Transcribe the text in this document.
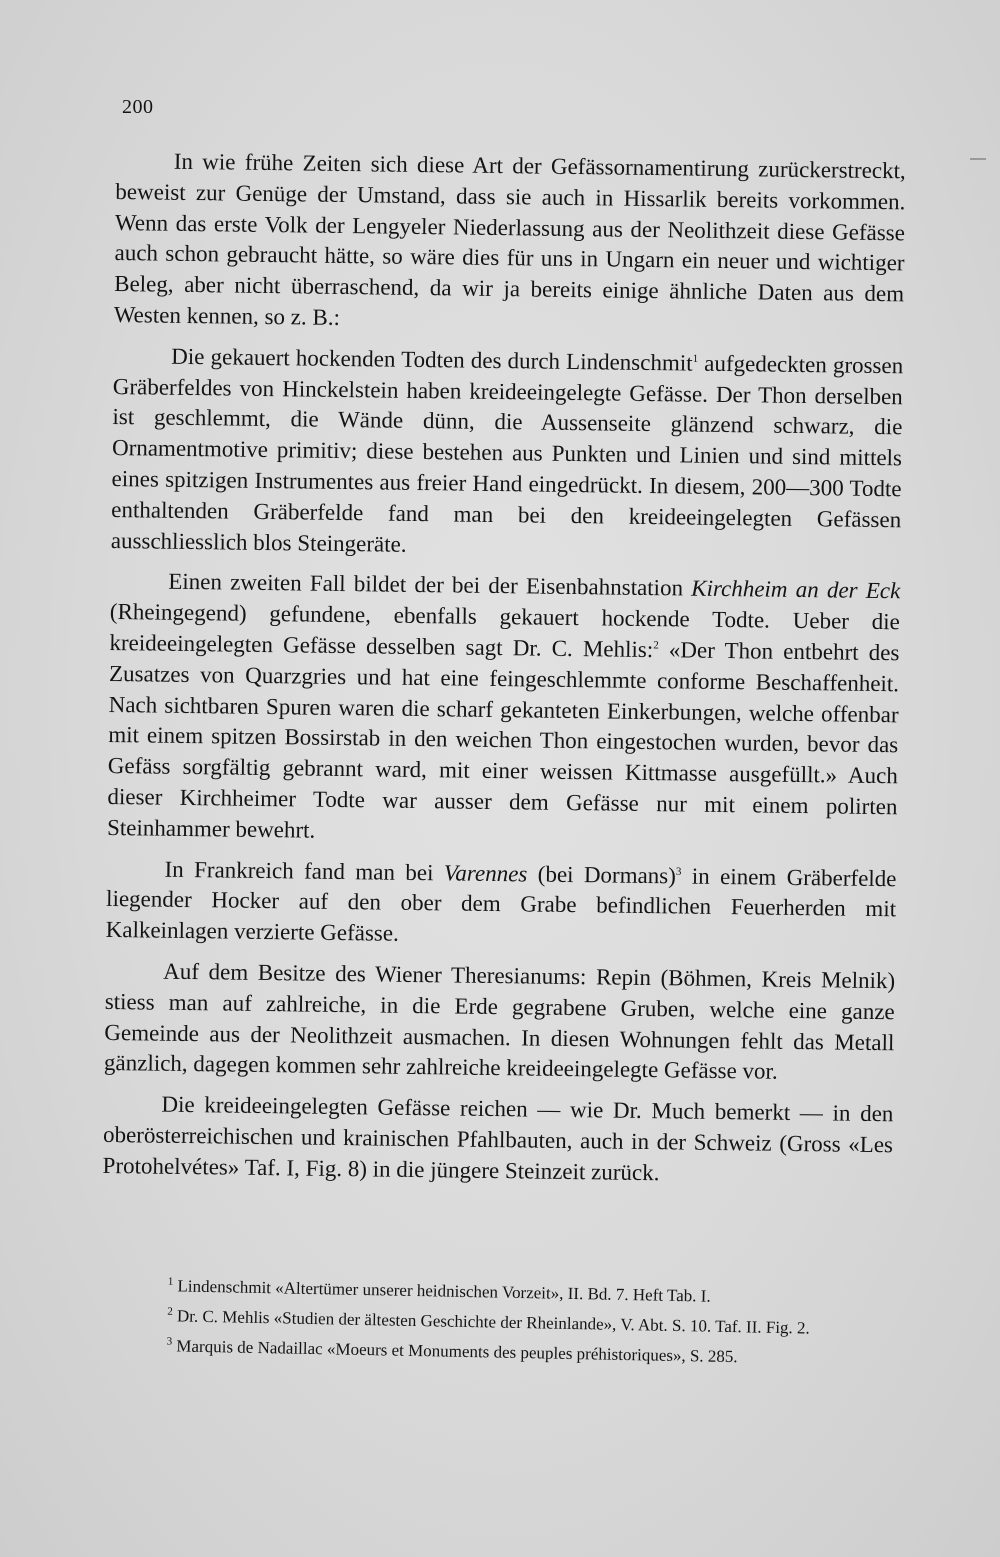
200

In wie frühe Zeiten sich diese Art der Gefässornamentirung zurückerstreckt, beweist zur Genüge der Umstand, dass sie auch in Hissarlik bereits vorkommen. Wenn das erste Volk der Lengyeler Niederlassung aus der Neolithzeit diese Gefässe auch schon gebraucht hätte, so wäre dies für uns in Ungarn ein neuer und wichtiger Beleg, aber nicht überraschend, da wir ja bereits einige ähnliche Daten aus dem Westen kennen, so z. B.:

Die gekauert hockenden Todten des durch Lindenschmit$^1$ aufgedeckten grossen Gräberfeldes von Hinckelstein haben kreideeingelegte Gefässe. Der Thon derselben ist geschlemmt, die Wände dünn, die Aussenseite glänzend schwarz, die Ornamentmotive primitiv; diese bestehen aus Punkten und Linien und sind mittels eines spitzigen Instrumentes aus freier Hand eingedrückt. In diesem, 200—300 Todte enthaltenden Gräberfelde fand man bei den kreideeingelegten Gefässen ausschliesslich blos Steingeräte.

Einen zweiten Fall bildet der bei der Eisenbahnstation Kirchheim an der Eck (Rheingegend) gefundene, ebenfalls gekauert hockende Todte. Ueber die kreideeingelegten Gefässe desselben sagt Dr. C. Mehlis:$^2$ «Der Thon entbehrt des Zusatzes von Quarzgries und hat eine feingeschlemmte conforme Beschaffenheit. Nach sichtbaren Spuren waren die scharf gekanteten Einkerbungen, welche offenbar mit einem spitzen Bossirstab in den weichen Thon eingestochen wurden, bevor das Gefäss sorgfältig gebrannt ward, mit einer weissen Kittmasse ausgefüllt.» Auch dieser Kirchheimer Todte war ausser dem Gefässe nur mit einem polirten Steinhammer bewehrt.

In Frankreich fand man bei Varennes (bei Dormans)$^3$ in einem Gräberfelde liegender Hocker auf den ober dem Grabe befindlichen Feuerherden mit Kalkeinlagen verzierte Gefässe.

Auf dem Besitze des Wiener Theresianums: Repin (Böhmen, Kreis Melnik) stiess man auf zahlreiche, in die Erde gegrabene Gruben, welche eine ganze Gemeinde aus der Neolithzeit ausmachen. In diesen Wohnungen fehlt das Metall gänzlich, dagegen kommen sehr zahlreiche kreideeingelegte Gefässe vor.

Die kreideeingelegten Gefässe reichen — wie Dr. Much bemerkt — in den oberösterreichischen und krainischen Pfahlbauten, auch in der Schweiz (Gross «Les Protohelvétes» Taf. I, Fig. 8) in die jüngere Steinzeit zurück.

$^1$ Lindenschmit «Altertümer unserer heidnischen Vorzeit», II. Bd. 7. Heft Tab. I.

$^2$ Dr. C. Mehlis «Studien der ältesten Geschichte der Rheinlande», V. Abt. S. 10. Taf. II. Fig. 2.

$^3$ Marquis de Nadaillac «Moeurs et Monuments des peuples préhistoriques», S. 285.
